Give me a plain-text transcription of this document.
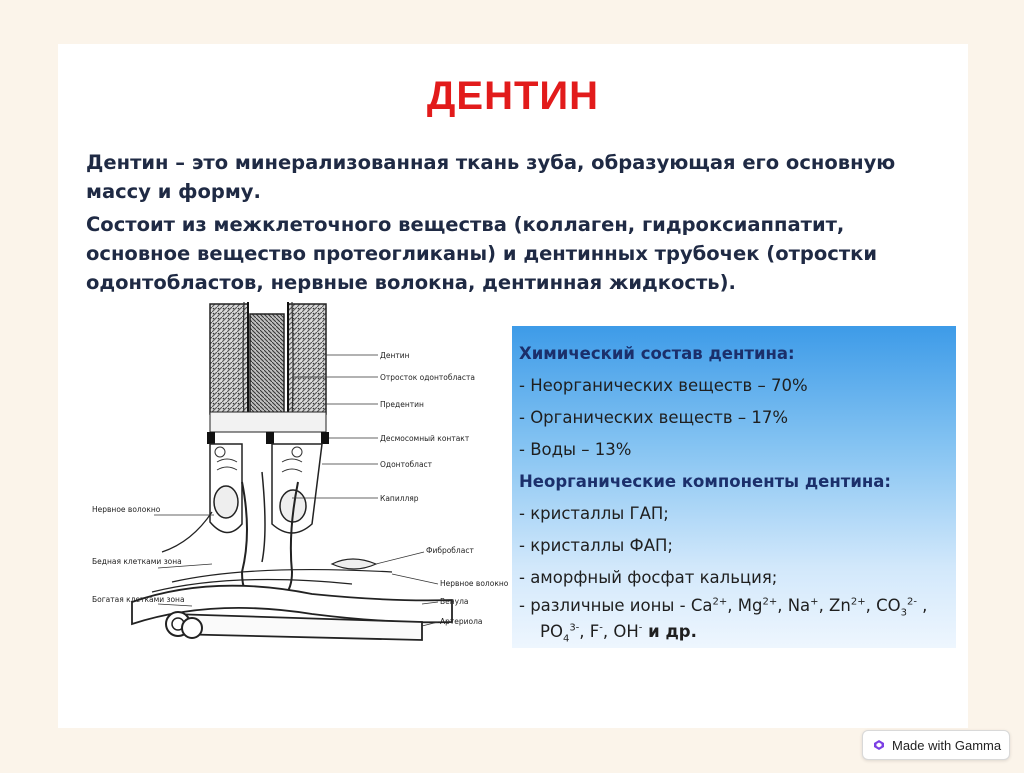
ДЕНТИН
Дентин – это минерализованная ткань зуба, образующая его основную массу и форму.
Состоит из межклеточного вещества (коллаген, гидроксиаппатит, основное вещество протеогликаны) и дентинных трубочек (отростки одонтобластов, нервные волокна, дентинная жидкость).
Дентин
Отросток одонтобласта
Предентин
Десмосомный контакт
Одонтобласт
Капилляр
Фибробласт
Нервное волокно
Венула
Артериола
Нервное волокно
Бедная клетками зона
Богатая клетками зона
Химический состав дентина:
- Неорганических веществ – 70%
- Органических веществ – 17%
- Воды – 13%
Неорганические компоненты дентина:
- кристаллы ГАП;
- кристаллы ФАП;
- аморфный фосфат кальция;
- различные ионы - $Ca^{2+}$, $Mg^{2+}$, Na+, $Zn^{2+}$, $CO_3^{2-}$ ,
$PO_4^{3-}$, F-, OH- и др.
Made with Gamma
